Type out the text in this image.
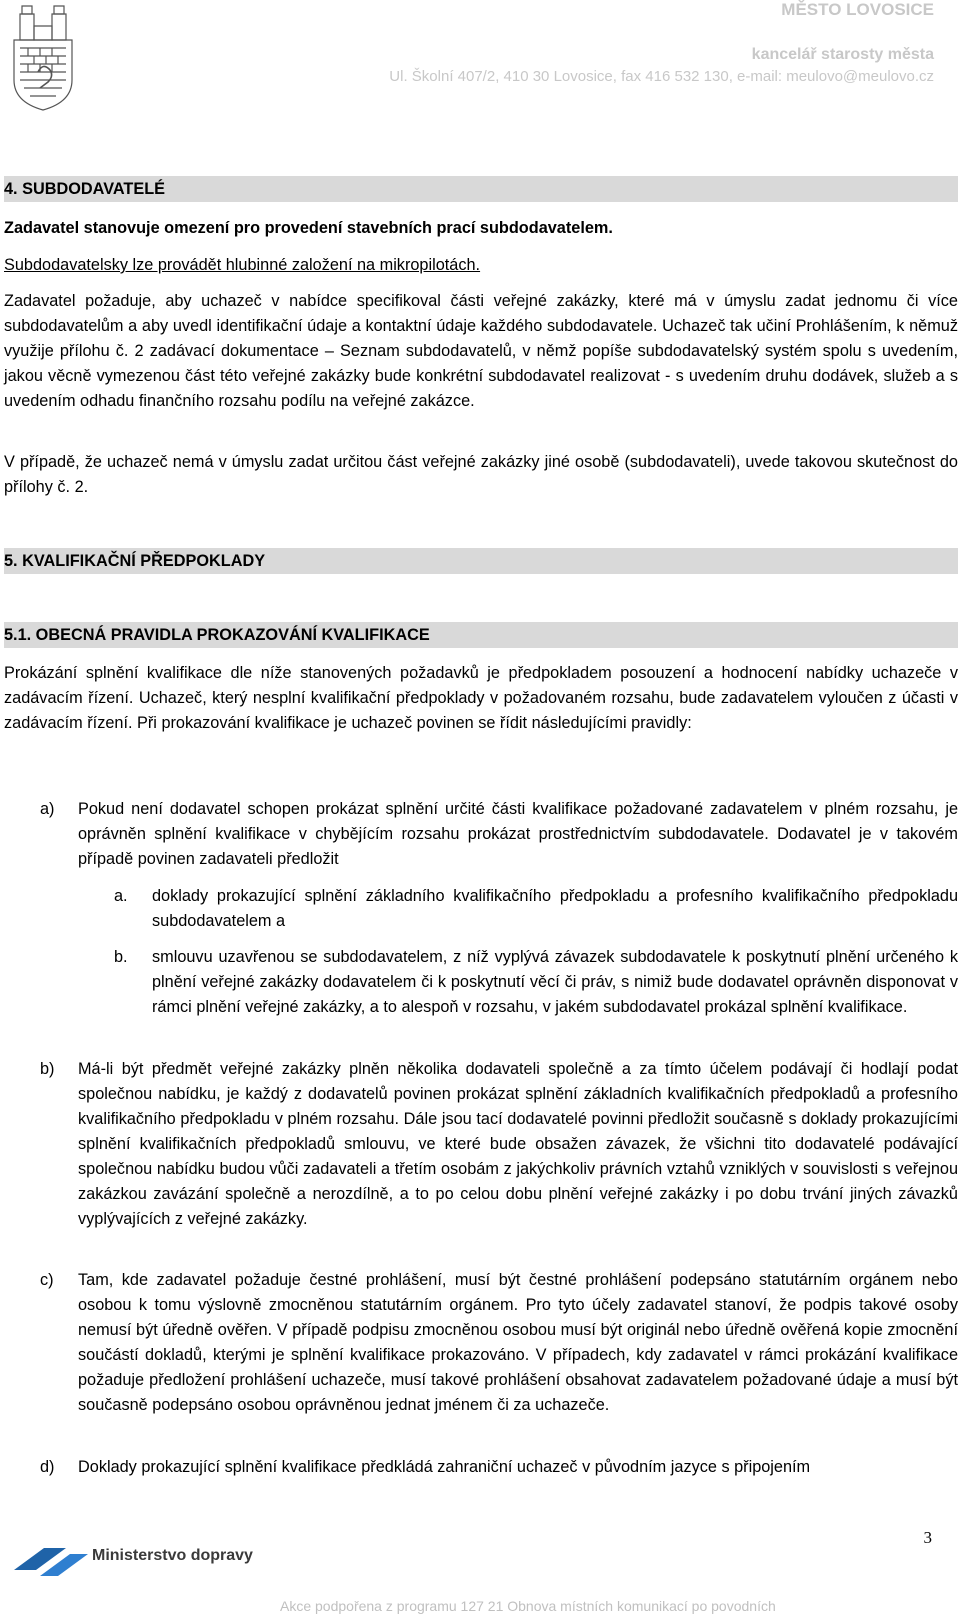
MĚSTO LOVOSICE
kancelář starosty města
Ul. Školní 407/2, 410 30 Lovosice, fax 416 532 130, e-mail: meulovo@meulovo.cz
4. SUBDODAVATELÉ
Zadavatel stanovuje omezení pro provedení stavebních prací subdodavatelem.
Subdodavatelsky lze provádět hlubinné založení na mikropilotách.
Zadavatel požaduje, aby uchazeč v nabídce specifikoval části veřejné zakázky, které má v úmyslu zadat jednomu či více subdodavatelům a aby uvedl identifikační údaje a kontaktní údaje každého subdodavatele. Uchazeč tak učiní Prohlášením, k němuž využije přílohu č. 2 zadávací dokumentace – Seznam subdodavatelů, v němž popíše subdodavatelský systém spolu s uvedením, jakou věcně vymezenou část této veřejné zakázky bude konkrétní subdodavatel realizovat - s uvedením druhu dodávek, služeb a s uvedením odhadu finančního rozsahu podílu na veřejné zakázce.
V případě, že uchazeč nemá v úmyslu zadat určitou část veřejné zakázky jiné osobě (subdodavateli), uvede takovou skutečnost do přílohy č. 2.
5. KVALIFIKAČNÍ PŘEDPOKLADY
5.1. OBECNÁ PRAVIDLA PROKAZOVÁNÍ KVALIFIKACE
Prokázání splnění kvalifikace dle níže stanovených požadavků je předpokladem posouzení a hodnocení nabídky uchazeče v zadávacím řízení. Uchazeč, který nesplní kvalifikační předpoklady v požadovaném rozsahu, bude zadavatelem vyloučen z účasti v zadávacím řízení. Při prokazování kvalifikace je uchazeč povinen se řídit následujícími pravidly:
a)	Pokud není dodavatel schopen prokázat splnění určité části kvalifikace požadované zadavatelem v plném rozsahu, je oprávněn splnění kvalifikace v chybějícím rozsahu prokázat prostřednictvím subdodavatele. Dodavatel je v takovém případě povinen zadavateli předložit
a.	doklady prokazující splnění základního kvalifikačního předpokladu a profesního kvalifikačního předpokladu subdodavatelem a
b.	smlouvu uzavřenou se subdodavatelem, z níž vyplývá závazek subdodavatele k poskytnutí plnění určeného k plnění veřejné zakázky dodavatelem či k poskytnutí věcí či práv, s nimiž bude dodavatel oprávněn disponovat v rámci plnění veřejné zakázky, a to alespoň v rozsahu, v jakém subdodavatel prokázal splnění kvalifikace.
b)	Má-li být předmět veřejné zakázky plněn několika dodavateli společně a za tímto účelem podávají či hodlají podat společnou nabídku, je každý z dodavatelů povinen prokázat splnění základních kvalifikačních předpokladů a profesního kvalifikačního předpokladu v plném rozsahu. Dále jsou tací dodavatelé povinni předložit současně s doklady prokazujícími splnění kvalifikačních předpokladů smlouvu, ve které bude obsažen závazek, že všichni tito dodavatelé podávající společnou nabídku budou vůči zadavateli a třetím osobám z jakýchkoliv právních vztahů vzniklých v souvislosti s veřejnou zakázkou zavázání společně a nerozdílně, a to po celou dobu plnění veřejné zakázky i po dobu trvání jiných závazků vyplývajících z veřejné zakázky.
c)	Tam, kde zadavatel požaduje čestné prohlášení, musí být čestné prohlášení podepsáno statutárním orgánem nebo osobou k tomu výslovně zmocněnou statutárním orgánem. Pro tyto účely zadavatel stanoví, že podpis takové osoby nemusí být úředně ověřen. V případě podpisu zmocněnou osobou musí být originál nebo úředně ověřená kopie zmocnění součástí dokladů, kterými je splnění kvalifikace prokazováno. V případech, kdy zadavatel v rámci prokázání kvalifikace požaduje předložení prohlášení uchazeče, musí takové prohlášení obsahovat zadavatelem požadované údaje a musí být současně podepsáno osobou oprávněnou jednat jménem či za uchazeče.
d)	Doklady prokazující splnění kvalifikace předkládá zahraniční uchazeč v původním jazyce s připojením
3
Ministerstvo dopravy
Akce podpořena z programu 127 21 Obnova místních komunikací po povodních
